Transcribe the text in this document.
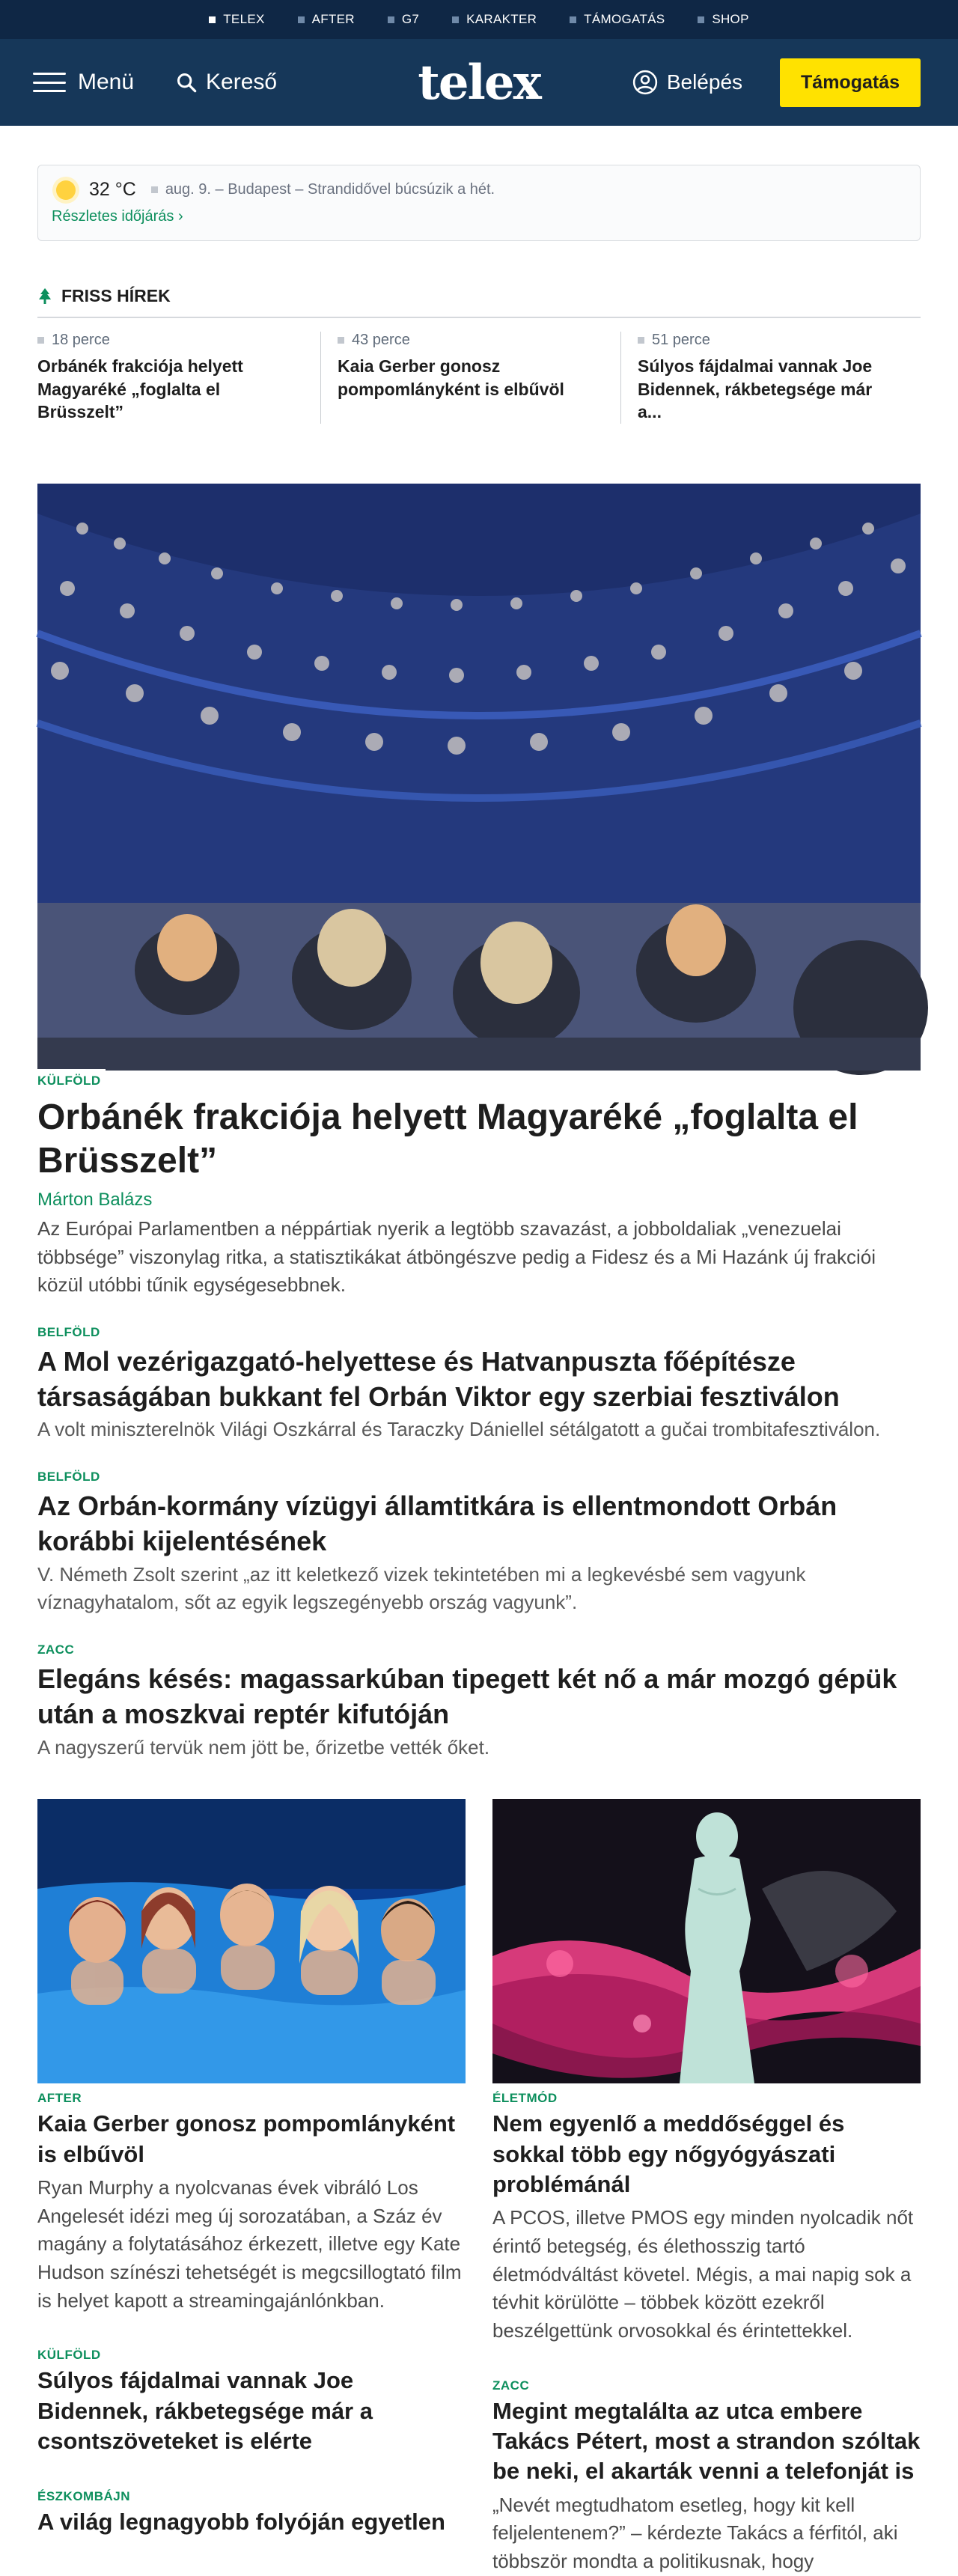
TELEX	AFTER	G7	KARAKTER	TÁMOGATÁS	SHOP
Menü	Kereső	telex	Belépés	Támogatás
32 °C aug. 9. – Budapest – Strandidővel búcsúzik a hét.
Részletes időjárás ›
FRISS HÍREK
18 perce
Orbánék frakciója helyett Magyaréké „foglalta el Brüsszelt”
43 perce
Kaia Gerber gonosz pompomlányként is elbűvöl
51 perce
Súlyos fájdalmai vannak Joe Bidennek, rákbetegsége már a...
KÜLFÖLD
Orbánék frakciója helyett Magyaréké „foglalta el Brüsszelt”
Márton Balázs

Az Európai Parlamentben a néppártiak nyerik a legtöbb szavazást, a jobboldaliak „venezuelai többsége” viszonylag ritka, a statisztikákat átböngészve pedig a Fidesz és a Mi Hazánk új frakciói közül utóbbi tűnik egységesebbnek.

BELFÖLD
A Mol vezérigazgató-helyettese és Hatvanpuszta főépítésze társaságában bukkant fel Orbán Viktor egy szerbiai fesztiválon

A volt miniszterelnök Világi Oszkárral és Taraczky Dániellel sétálgatott a gučai trombitafesztiválon.

BELFÖLD
Az Orbán-kormány vízügyi államtitkára is ellentmondott Orbán korábbi kijelentésének

V. Németh Zsolt szerint „az itt keletkező vizek tekintetében mi a legkevésbé sem vagyunk víznagyhatalom, sőt az egyik legszegényebb ország vagyunk”.

ZACC
Elegáns késés: magassarkúban tipegett két nő a már mozgó gépük után a moszkvai reptér kifutóján

A nagyszerű tervük nem jött be, őrizetbe vették őket.

AFTER
Kaia Gerber gonosz pompomlányként is elbűvöl

Ryan Murphy a nyolcvanas évek vibráló Los Angelesét idézi meg új sorozatában, a Száz év magány a folytatásához érkezett, illetve egy Kate Hudson színészi tehetségét is megcsillogtató film is helyet kapott a streamingajánlónkban.

KÜLFÖLD
Súlyos fájdalmai vannak Joe Bidennek, rákbetegsége már a csontszöveteket is elérte
ÉSZKOMBÁJN
A világ legnagyobb folyóján egyetlen
ÉLETMÓD
Nem egyenlő a meddőséggel és sokkal több egy nőgyógyászati problémánál

A PCOS, illetve PMOS egy minden nyolcadik nőt érintő betegség, és élethosszig tartó életmódváltást követel. Mégis, a mai napig sok a tévhit körülötte – többek között ezekről beszélgettünk orvosokkal és érintettekkel.

ZACC
Megint megtalálta az utca embere Takács Pétert, most a strandon szóltak be neki, el akarták venni a telefonját is

„Nevét megtudhatom esetleg, hogy kit kell feljelentenem?” – kérdezte Takács a férfitól, aki többször mondta a politikusnak, hogy
